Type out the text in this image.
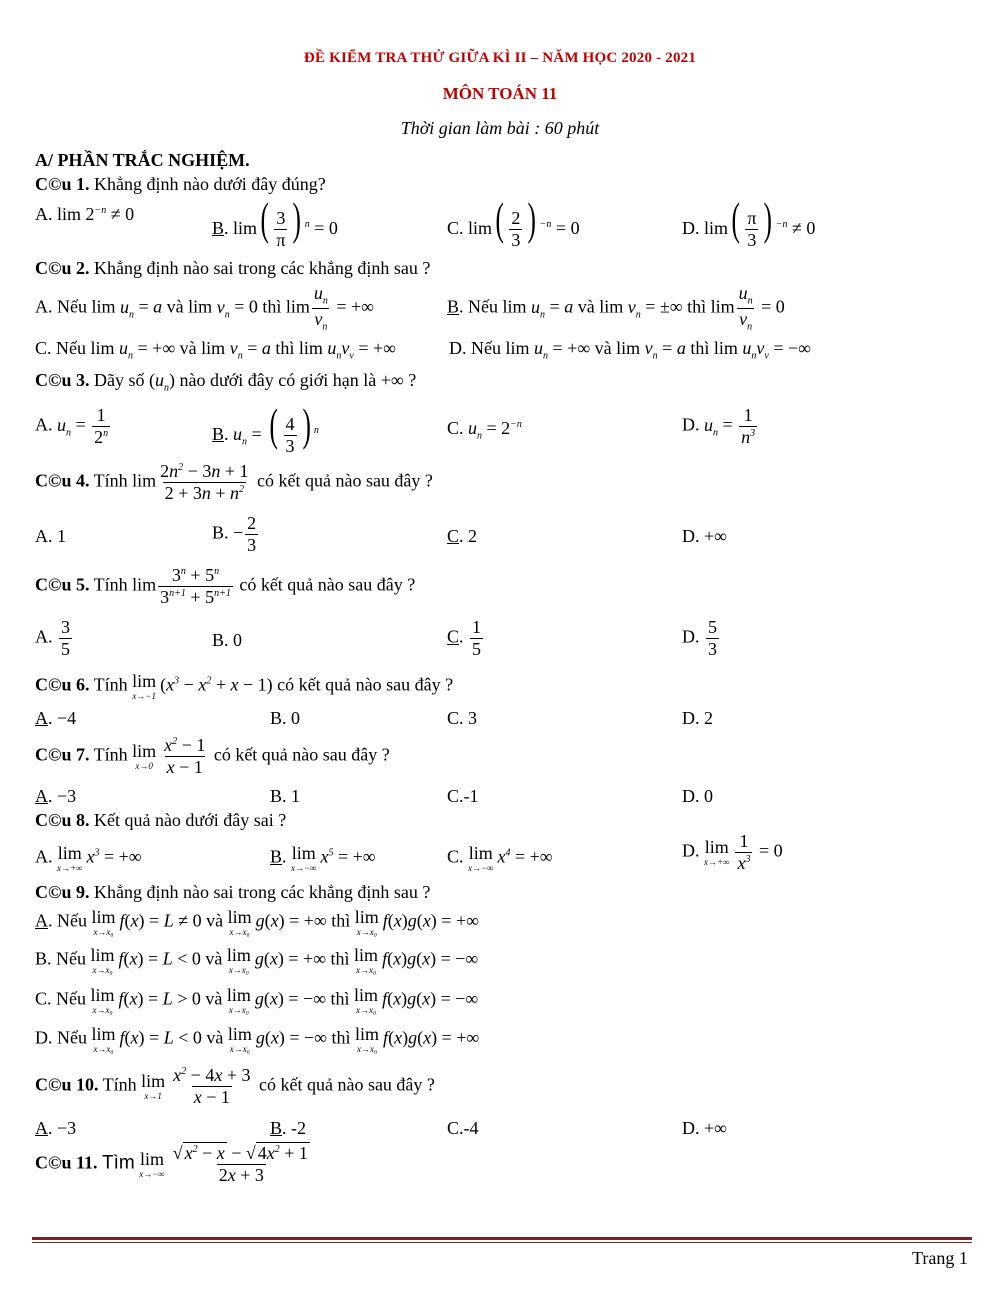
ĐỀ KIỂM TRA THỬ GIỮA KÌ II – NĂM HỌC 2020 - 2021
MÔN TOÁN 11
Thời gian làm bài : 60 phút
A/ PHẦN TRẮC NGHIỆM.
C©u 1. Khẳng định nào dưới đây đúng?
A. $\lim 2^{-n} \ne 0$
B. $\lim( \frac{3}{\pi}$ ) $^n$ = 0	C. $\lim( \frac{2}{3}$ ) $^{-n}$ = 0	D. $\lim( \frac{\pi}{3}$ ) $^{-n}$ ≠ 0
C©u 2. Khẳng định nào sai trong các khẳng định sau ?
A. Nếu $\lim u_n = a$ và $\lim v_n = 0$ thì $\lim \frac{u_n}{v_n}$ = +∞	B. Nếu $\lim u_n = a$ và $\lim v_n$ = ±∞ thì $\lim \frac{u_n}{v_n} = 0$
C. Nếu $\lim u_n$ = +∞ và $\lim v_n = a$ thì $\lim u_nv_v$ = +∞	D. Nếu $\lim u_n$ = +∞ và $\lim v_n = a$ thì $\lim u_nv_v$ = −∞
C©u 3. Dãy số $(u_n)$ nào dưới đây có giới hạn là +∞ ?
A. $u_n = \frac{1}{2^n}$	B. $u_n$ = ( $\frac{4}{3}$ ) $^n$	C. $u_n = 2^{-n}$	D. $u_n = \frac{1}{n^3}$
C©u 4. Tính $\lim \frac{2n^2 - 3n + 1}{2 + 3n + n^2}$ có kết quả nào sau đây ?
A. 1	B. − $\frac{2}{3}$	C. 2	D. +∞
C©u 5. Tính $\lim \frac{3^n + 5^n}{3^{n+1} + 5^{n+1}}$ có kết quả nào sau đây ?
A. $\frac{3}{5}$	B. 0	C. $\frac{1}{5}$	D. $\frac{5}{3}$
C©u 6. Tính lim
x→−1
$(x^3 - x^2 + x - 1)$ có kết quả nào sau đây ?
A. −4	B. 0	C. 3	D. 2
C©u 7. Tính lim
$x\to 0 \frac{x^2 - 1}{x - 1}$ có kết quả nào sau đây ?
A. −3	B. 1	C.-1	D. 0
C©u 8. Kết quả nào dưới đây sai ?
A. lim
x→+∞
$x^3$ = +∞	B. lim
x→−∞
$x^5$ = +∞	C. lim
x→−∞
$x^4$ = +∞	D. lim
$x\to+\infty \frac{1}{x^3} = 0$
C©u 9. Khẳng định nào sai trong các khẳng định sau ?
A. Nếu lim
x→x₀
f(x) = L ≠ 0 và lim
x→x₀
g(x) = +∞ thì lim
x→x₀
f(x)g(x) = +∞
B. Nếu lim
x→x₀
f(x) = L < 0 và lim
x→x₀
g(x) = +∞ thì lim
x→x₀
f(x)g(x) = −∞
C. Nếu lim
x→x₀
f(x) = L > 0 và lim
x→x₀
g(x) = −∞ thì lim
x→x₀
f(x)g(x) = −∞
D. Nếu lim
x→x₀
f(x) = L < 0 và lim
x→x₀
g(x) = −∞ thì lim
x→x₀
f(x)g(x) = +∞
C©u 10. Tính lim
$x\to 1 \frac{x^2 - 4x + 3}{x - 1}$ có kết quả nào sau đây ?
A. −3	B. -2	C.-4	D. +∞
C©u 11. Tìm lim
$x\to-\infty \frac{√ x^2 - x - √ 4x^2 + 1}{2x + 3}$
Trang 1
